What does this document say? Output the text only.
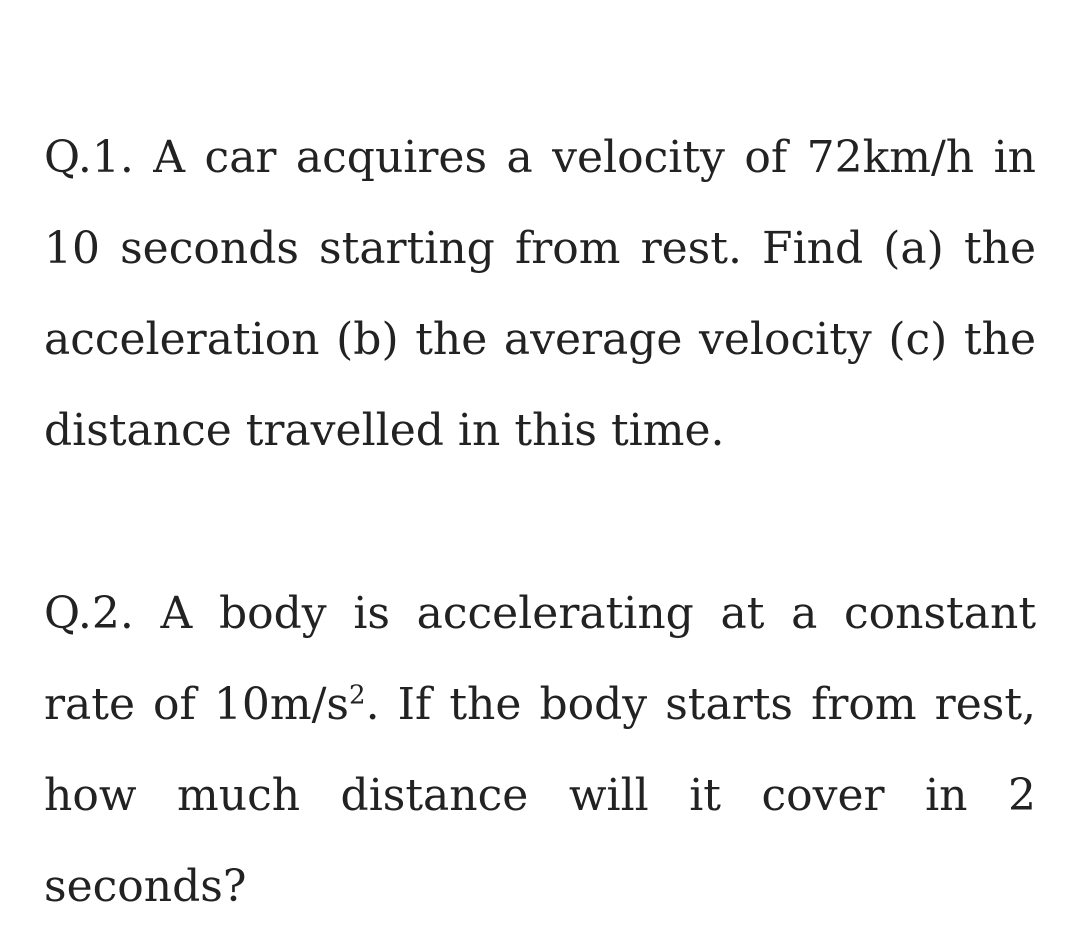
Q.1. A car acquires a velocity of 72km/h in 10 seconds starting from rest. Find (a) the acceleration (b) the average velocity (c) the distance travelled in this time.

Q.2. A body is accelerating at a constant rate of $10m/s^2$. If the body starts from rest, how much distance will it cover in 2 seconds?
